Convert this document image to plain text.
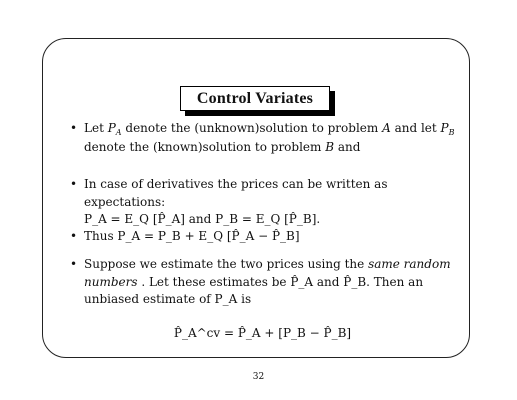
Control Variates
• Let $P_A$ denote the (unknown)solution to problem A and let $P_B$
denote the (known)solution to problem B and
• In case of derivatives the prices can be written as expectations:
P_A = E_Q [P̂_A] and P_B = E_Q [P̂_B].
• Thus P_A = P_B + E_Q [P̂_A − P̂_B]
• Suppose we estimate the two prices using the same random
numbers . Let these estimates be P̂_A and P̂_B. Then an
unbiased estimate of P_A is
P̂_A^cv = P̂_A + [P_B − P̂_B]
32
